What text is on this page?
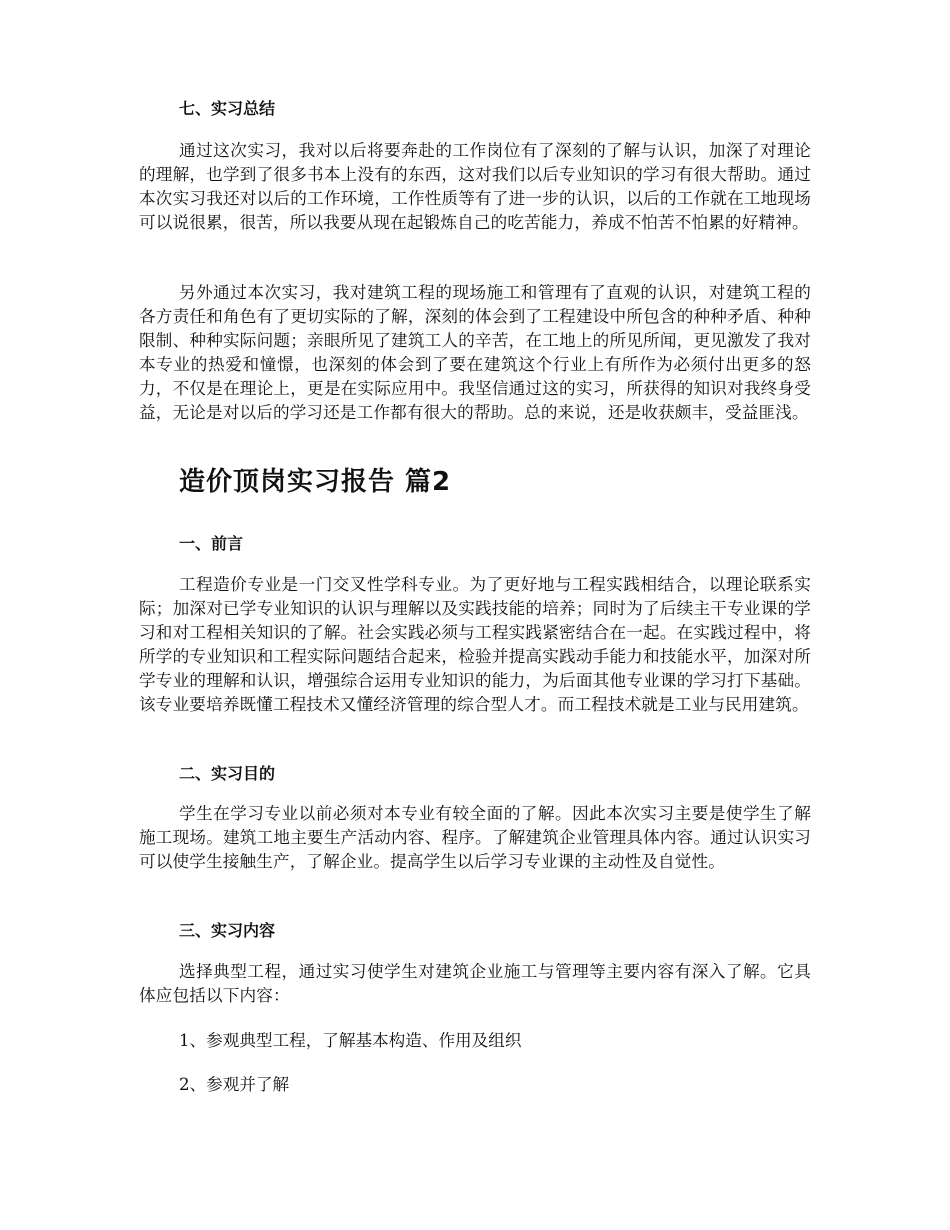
七、实习总结
通过这次实习，我对以后将要奔赴的工作岗位有了深刻的了解与认识，加深了对理论的理解，也学到了很多书本上没有的东西，这对我们以后专业知识的学习有很大帮助。通过本次实习我还对以后的工作环境，工作性质等有了进一步的认识，以后的工作就在工地现场可以说很累，很苦，所以我要从现在起锻炼自己的吃苦能力，养成不怕苦不怕累的好精神。
另外通过本次实习，我对建筑工程的现场施工和管理有了直观的认识，对建筑工程的各方责任和角色有了更切实际的了解，深刻的体会到了工程建设中所包含的种种矛盾、种种限制、种种实际问题；亲眼所见了建筑工人的辛苦，在工地上的所见所闻，更见激发了我对本专业的热爱和憧憬，也深刻的体会到了要在建筑这个行业上有所作为必须付出更多的怒力，不仅是在理论上，更是在实际应用中。我坚信通过这的实习，所获得的知识对我终身受益，无论是对以后的学习还是工作都有很大的帮助。总的来说，还是收获颇丰，受益匪浅。
造价顶岗实习报告 篇2
一、前言
工程造价专业是一门交叉性学科专业。为了更好地与工程实践相结合，以理论联系实际；加深对已学专业知识的认识与理解以及实践技能的培养；同时为了后续主干专业课的学习和对工程相关知识的了解。社会实践必须与工程实践紧密结合在一起。在实践过程中，将所学的专业知识和工程实际问题结合起来，检验并提高实践动手能力和技能水平，加深对所学专业的理解和认识，增强综合运用专业知识的能力，为后面其他专业课的学习打下基础。该专业要培养既懂工程技术又懂经济管理的综合型人才。而工程技术就是工业与民用建筑。
二、实习目的
学生在学习专业以前必须对本专业有较全面的了解。因此本次实习主要是使学生了解施工现场。建筑工地主要生产活动内容、程序。了解建筑企业管理具体内容。通过认识实习可以使学生接触生产，了解企业。提高学生以后学习专业课的主动性及自觉性。
三、实习内容
选择典型工程，通过实习使学生对建筑企业施工与管理等主要内容有深入了解。它具体应包括以下内容：
1、参观典型工程，了解基本构造、作用及组织
2、参观并了解
